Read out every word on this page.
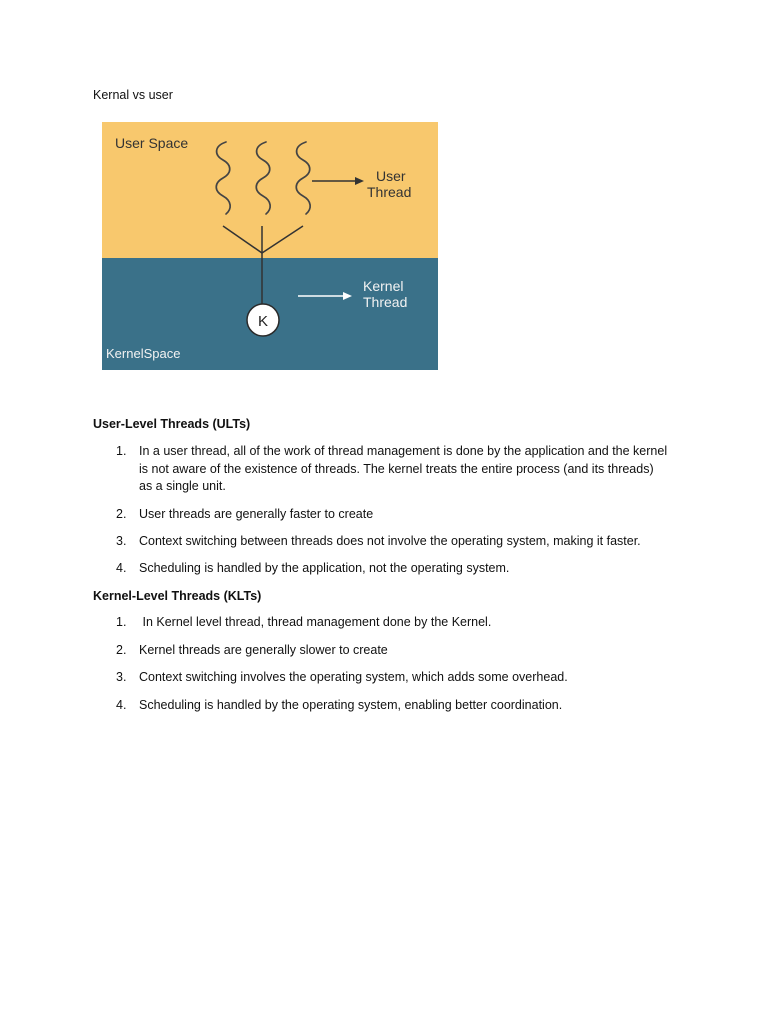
Kernal vs user
User Space
User
Thread
K
Kernel
Thread
KernelSpace
User-Level Threads (ULTs)
1.	In a user thread, all of the work of thread management is done by the application and the kernel is not aware of the existence of threads. The kernel treats the entire process (and its threads) as a single unit.
2.	User threads are generally faster to create
3.	Context switching between threads does not involve the operating system, making it faster.
4.	Scheduling is handled by the application, not the operating system.
Kernel-Level Threads (KLTs)
1.	In Kernel level thread, thread management done by the Kernel.
2.	Kernel threads are generally slower to create
3.	Context switching involves the operating system, which adds some overhead.
4.	Scheduling is handled by the operating system, enabling better coordination.
